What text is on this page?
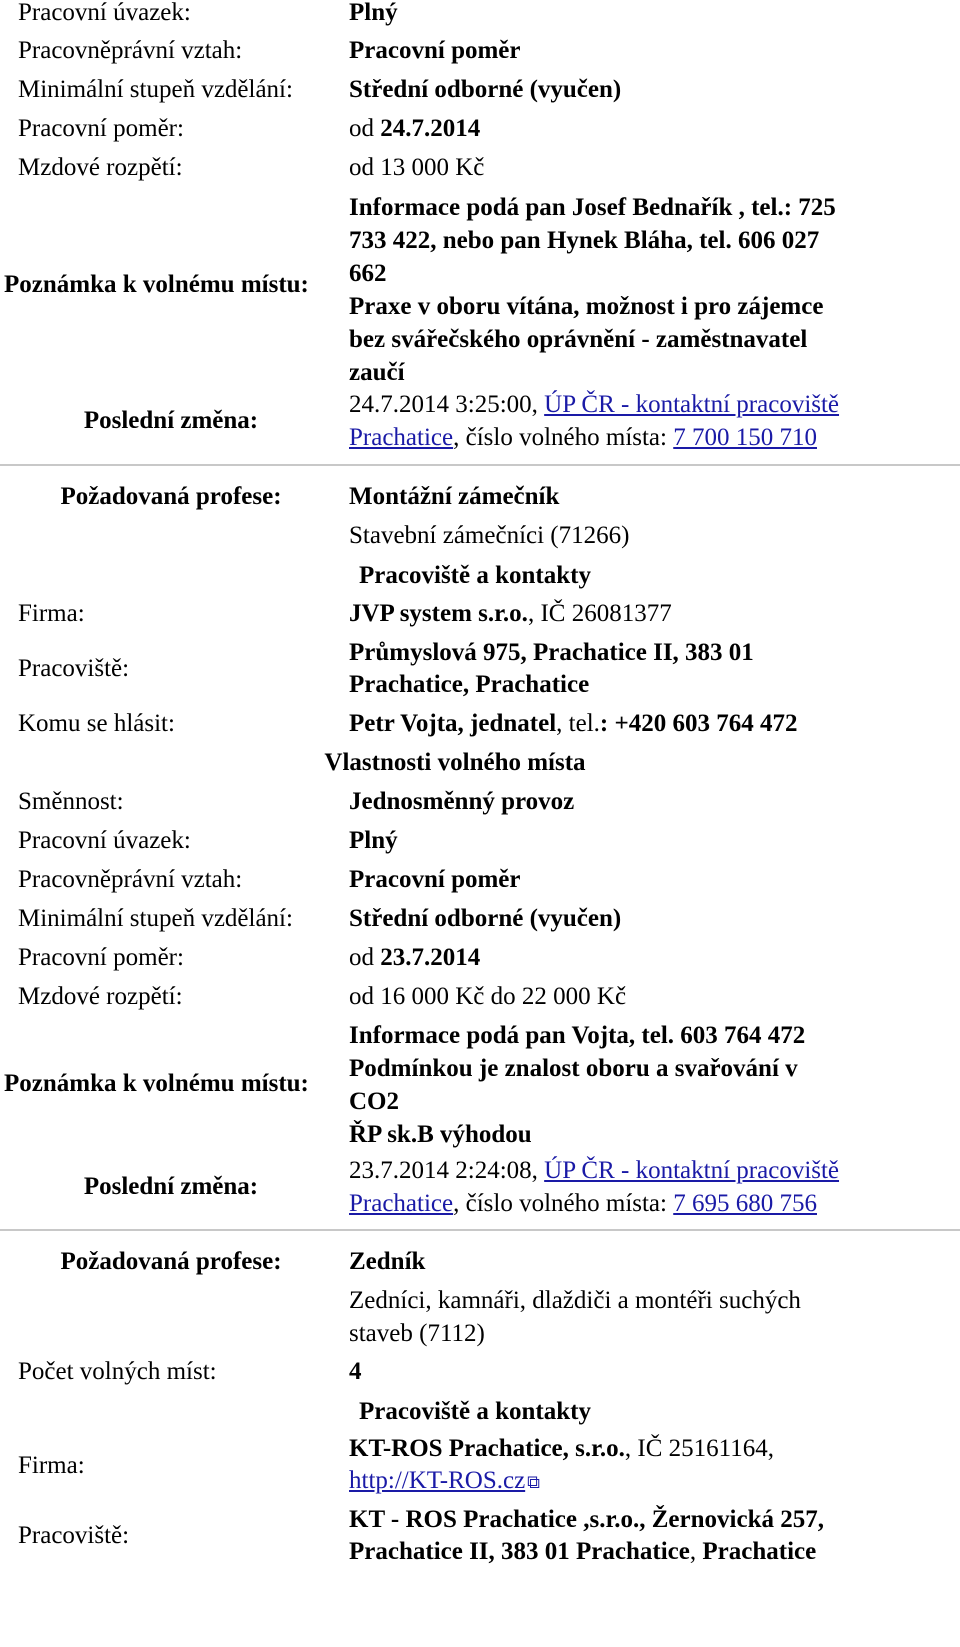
Pracovní úvazek:	Plný
Pracovněprávní vztah:	Pracovní poměr
Minimální stupeň vzdělání: Střední odborné (vyučen)
Pracovní poměr:	od 24.7.2014
Mzdové rozpětí:	od 13 000 Kč
Poznámka k volnému místu:
Informace podá pan Josef Bednařík , tel.: 725
733 422, nebo pan Hynek Bláha, tel. 606 027
662
Praxe v oboru vítána, možnost i pro zájemce
bez svářečského oprávnění - zaměstnavatel
zaučí
Poslední změna:
24.7.2014 3:25:00, ÚP ČR - kontaktní pracoviště
Prachatice, číslo volného místa: 7 700 150 710
Požadovaná profese:	Montážní zámečník
Stavební zámečníci (71266)
Pracoviště a kontakty
Firma:	JVP system s.r.o., IČ 26081377
Pracoviště:
Průmyslová 975, Prachatice II, 383 01
Prachatice, Prachatice
Komu se hlásit:	Petr Vojta, jednatel, tel.: +420 603 764 472
Vlastnosti volného místa
Směnnost:	Jednosměnný provoz
Pracovní úvazek:	Plný
Pracovněprávní vztah:	Pracovní poměr
Minimální stupeň vzdělání: Střední odborné (vyučen)
Pracovní poměr:	od 23.7.2014
Mzdové rozpětí:	od 16 000 Kč do 22 000 Kč
Poznámka k volnému místu:
Informace podá pan Vojta, tel. 603 764 472
Podmínkou je znalost oboru a svařování v
CO2
ŘP sk.B výhodou
Poslední změna:
23.7.2014 2:24:08, ÚP ČR - kontaktní pracoviště
Prachatice, číslo volného místa: 7 695 680 756
Požadovaná profese:	Zedník
Zedníci, kamnáři, dlaždiči a montéři suchých
staveb (7112)
Počet volných míst:	4
Pracoviště a kontakty
Firma:
KT-ROS Prachatice, s.r.o., IČ 25161164,
http://KT-ROS.cz ⧉
Pracoviště:
KT - ROS Prachatice ,s.r.o., Žernovická 257,
Prachatice II, 383 01 Prachatice, Prachatice
